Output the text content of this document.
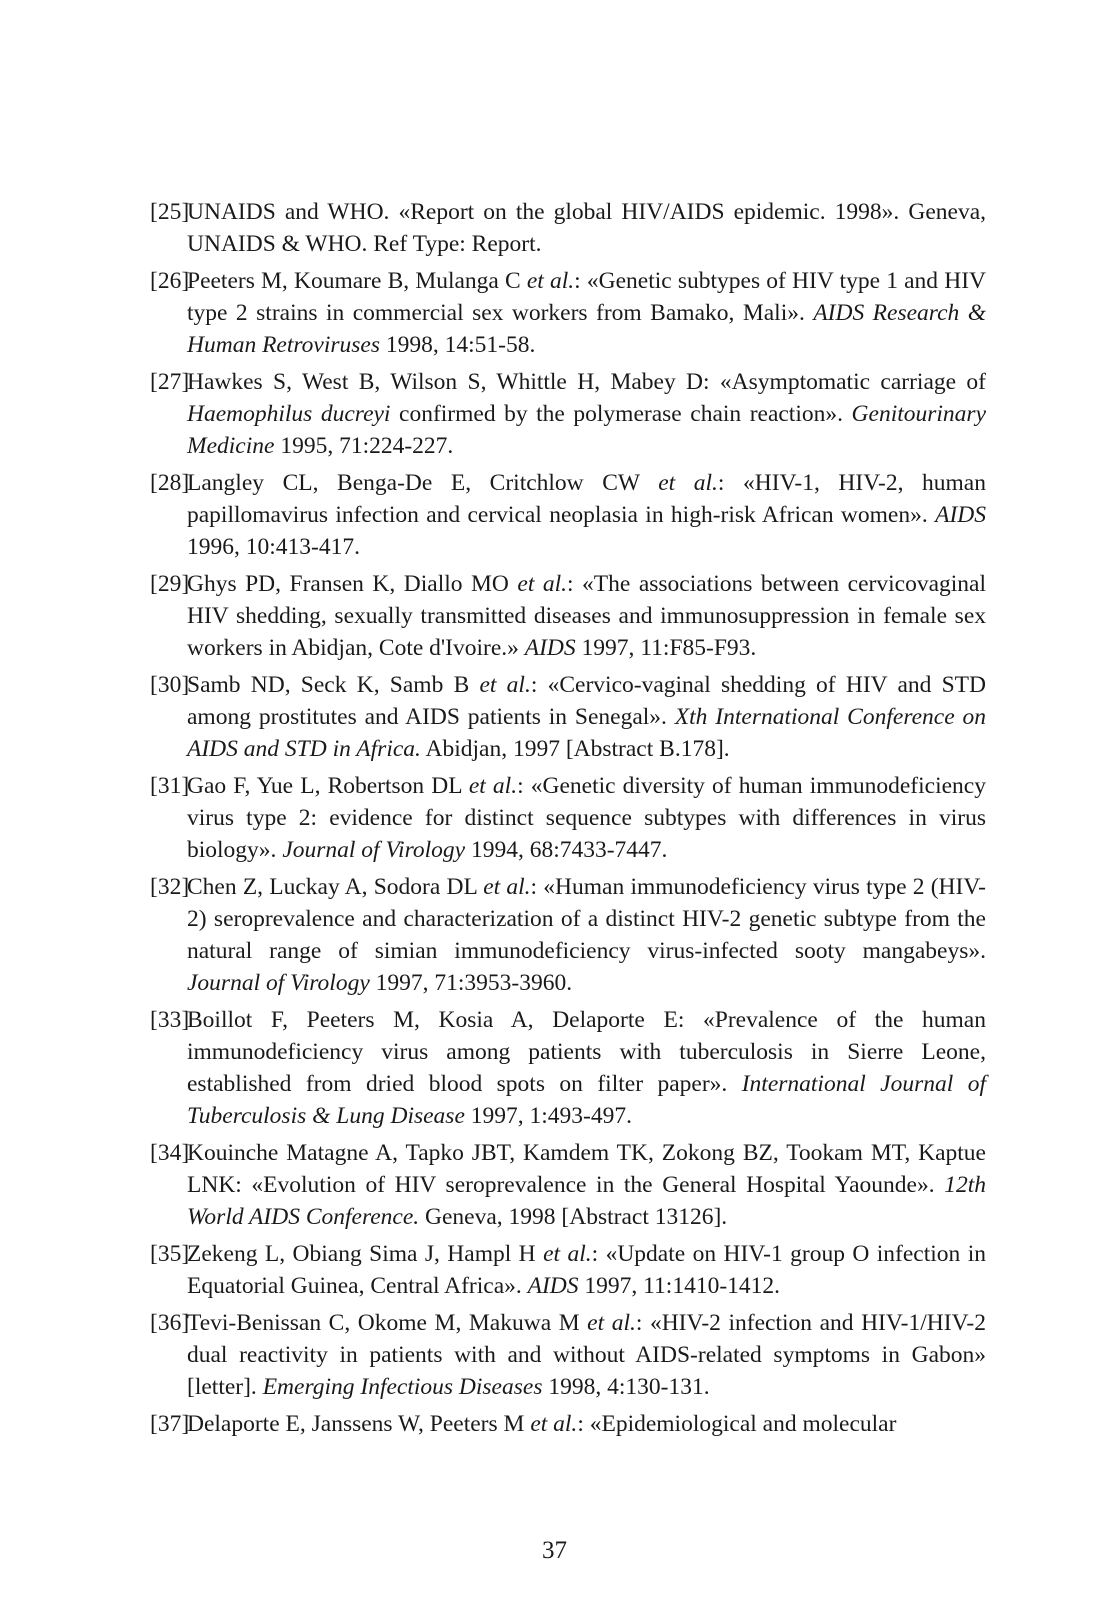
[25]
UNAIDS and WHO. «Report on the global HIV/AIDS epidemic. 1998». Geneva, UNAIDS & WHO. Ref Type: Report.
[26]
Peeters M, Koumare B, Mulanga C et al.: «Genetic subtypes of HIV type 1 and HIV type 2 strains in commercial sex workers from Bamako, Mali». AIDS Research & Human Retroviruses 1998, 14:51-58.
[27]
Hawkes S, West B, Wilson S, Whittle H, Mabey D: «Asymptomatic carriage of Haemophilus ducreyi confirmed by the polymerase chain reaction». Genitourinary Medicine 1995, 71:224-227.
[28]
Langley CL, Benga-De E, Critchlow CW et al.: «HIV-1, HIV-2, human papillomavirus infection and cervical neoplasia in high-risk African women». AIDS 1996, 10:413-417.
[29]
Ghys PD, Fransen K, Diallo MO et al.: «The associations between cervicovaginal HIV shedding, sexually transmitted diseases and immunosuppression in female sex workers in Abidjan, Cote d'Ivoire.» AIDS 1997, 11:F85-F93.
[30]
Samb ND, Seck K, Samb B et al.: «Cervico-vaginal shedding of HIV and STD among prostitutes and AIDS patients in Senegal». Xth International Conference on AIDS and STD in Africa. Abidjan, 1997 [Abstract B.178].
[31]
Gao F, Yue L, Robertson DL et al.: «Genetic diversity of human immunodeficiency virus type 2: evidence for distinct sequence subtypes with differences in virus biology». Journal of Virology 1994, 68:7433-7447.
[32]
Chen Z, Luckay A, Sodora DL et al.: «Human immunodeficiency virus type 2 (HIV-2) seroprevalence and characterization of a distinct HIV-2 genetic subtype from the natural range of simian immunodeficiency virus-infected sooty mangabeys». Journal of Virology 1997, 71:3953-3960.
[33]
Boillot F, Peeters M, Kosia A, Delaporte E: «Prevalence of the human immunodeficiency virus among patients with tuberculosis in Sierre Leone, established from dried blood spots on filter paper». International Journal of Tuberculosis & Lung Disease 1997, 1:493-497.
[34]
Kouinche Matagne A, Tapko JBT, Kamdem TK, Zokong BZ, Tookam MT, Kaptue LNK: «Evolution of HIV seroprevalence in the General Hospital Yaounde». 12th World AIDS Conference. Geneva, 1998 [Abstract 13126].
[35]
Zekeng L, Obiang Sima J, Hampl H et al.: «Update on HIV-1 group O infection in Equatorial Guinea, Central Africa». AIDS 1997, 11:1410-1412.
[36]
Tevi-Benissan C, Okome M, Makuwa M et al.: «HIV-2 infection and HIV-1/HIV-2 dual reactivity in patients with and without AIDS-related symptoms in Gabon» [letter]. Emerging Infectious Diseases 1998, 4:130-131.
[37]
Delaporte E, Janssens W, Peeters M et al.: «Epidemiological and molecular
37
